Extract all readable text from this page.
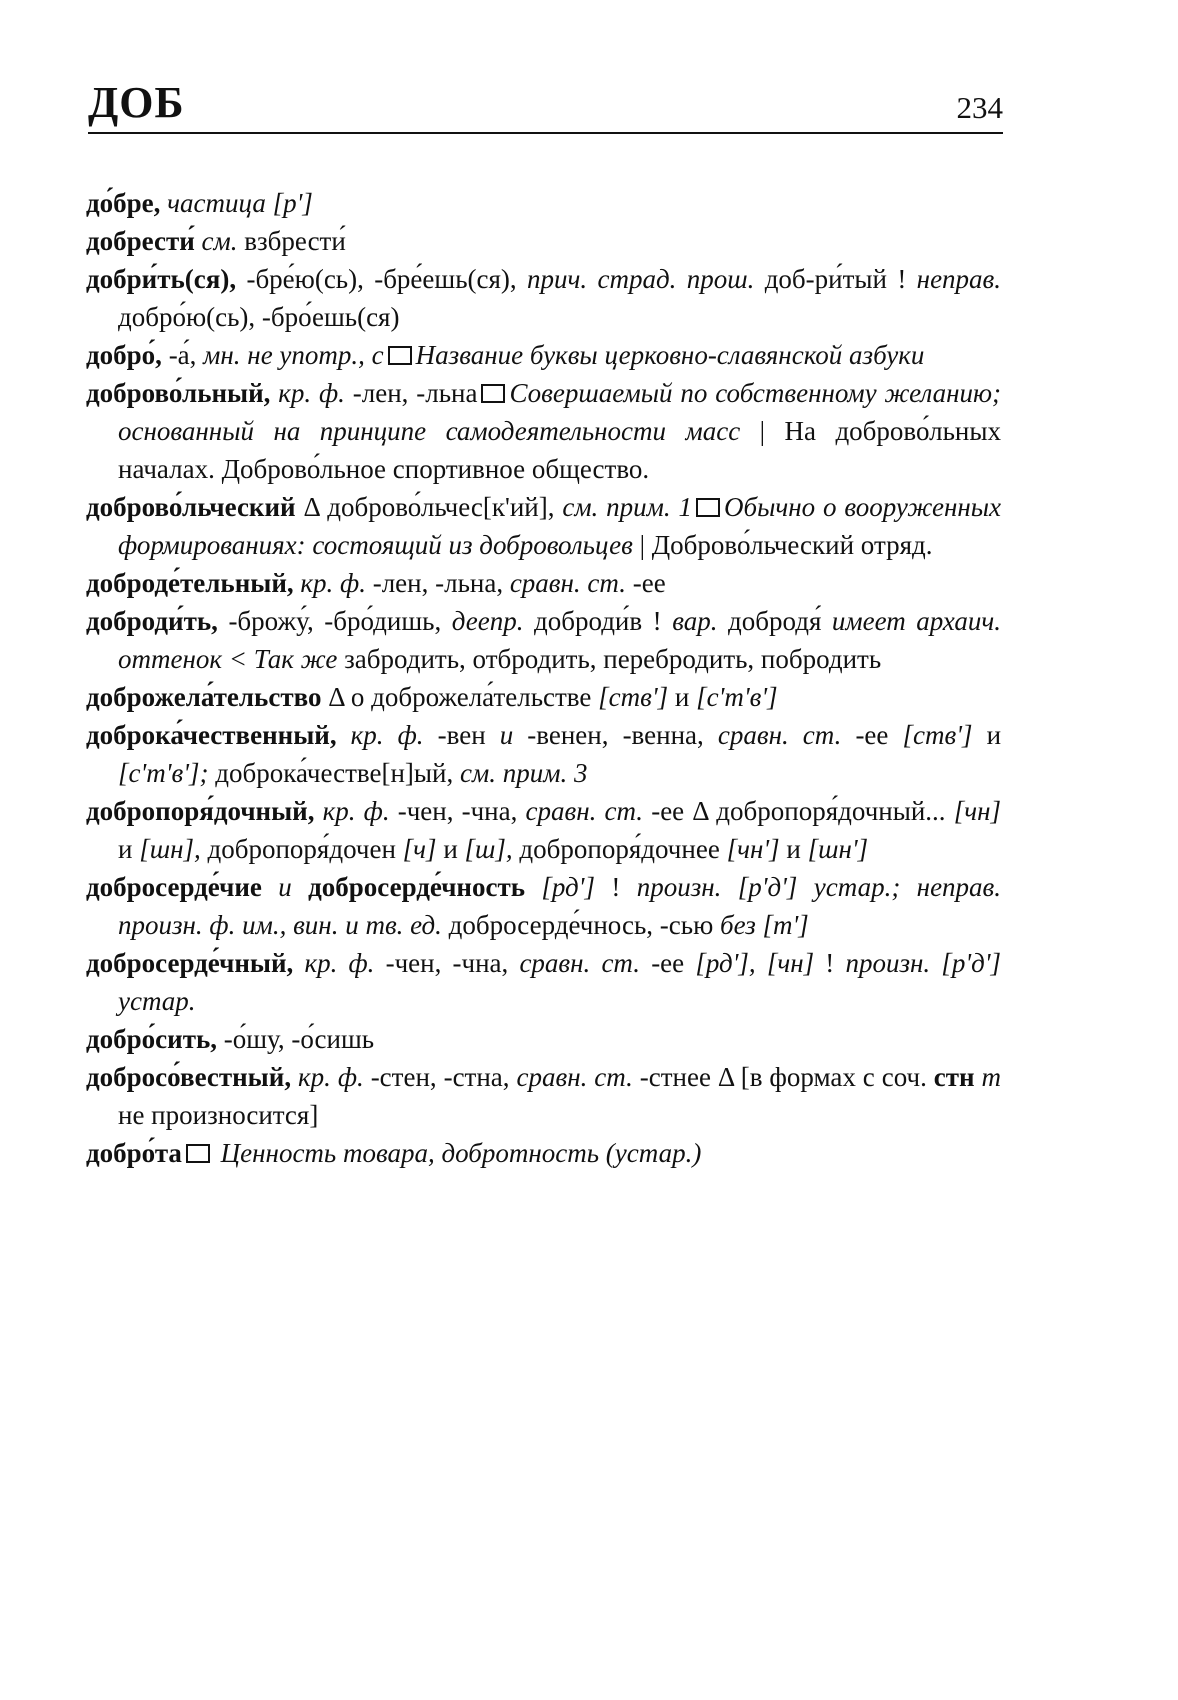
ДОБ	234
до́бре, частица [р']
добрести́ см. взбрести́
добри́ть(ся), -бре́ю(сь), -бре́ешь(ся), прич. страд. прош. доб-ри́тый ! неправ. добро́ю(сь), -бро́ешь(ся)
добро́, -а́, мн. не употр., с Название буквы церковно-славянской азбуки
доброво́льный, кр. ф. -лен, -льна Совершаемый по собственному желанию; основанный на принципе самодеятельности масс | На доброво́льных началах. Доброво́льное спортивное общество.
доброво́льческий Δ доброво́льчес[к'ий], см. прим. 1 Обычно о вооруженных формированиях: состоящий из добровольцев | Доброво́льческий отряд.
доброде́тельный, кр. ф. -лен, -льна, сравн. ст. -ее
доброди́ть, -брожу́, -бро́дишь, деепр. доброди́в ! вар. добродя́ имеет архаич. оттенок < Так же забродить, отбродить, перебродить, побродить
доброжела́тельство Δ о доброжела́тельстве [ств'] и [с'т'в']
доброка́чественный, кр. ф. -вен и -венен, -венна, сравн. ст. -ее [ств'] и [с'т'в']; доброка́честве[н]ый, см. прим. 3
добропоря́дочный, кр. ф. -чен, -чна, сравн. ст. -ее Δ добропоря́дочный... [чн] и [шн], добропоря́дочен [ч] и [ш], добропоря́дочнее [чн'] и [шн']
добросерде́чие и добросерде́чность [рд'] ! произн. [р'д'] устар.; неправ. произн. ф. им., вин. и тв. ед. добросерде́чнось, -сью без [т']
добросерде́чный, кр. ф. -чен, -чна, сравн. ст. -ее [рд'], [чн] ! произн. [р'д'] устар.
добро́сить, -о́шу, -о́сишь
добросо́вестный, кр. ф. -стен, -стна, сравн. ст. -стнее Δ [в формах с соч. стн т не произносится]
добро́та Ценность товара, добротность (устар.)
